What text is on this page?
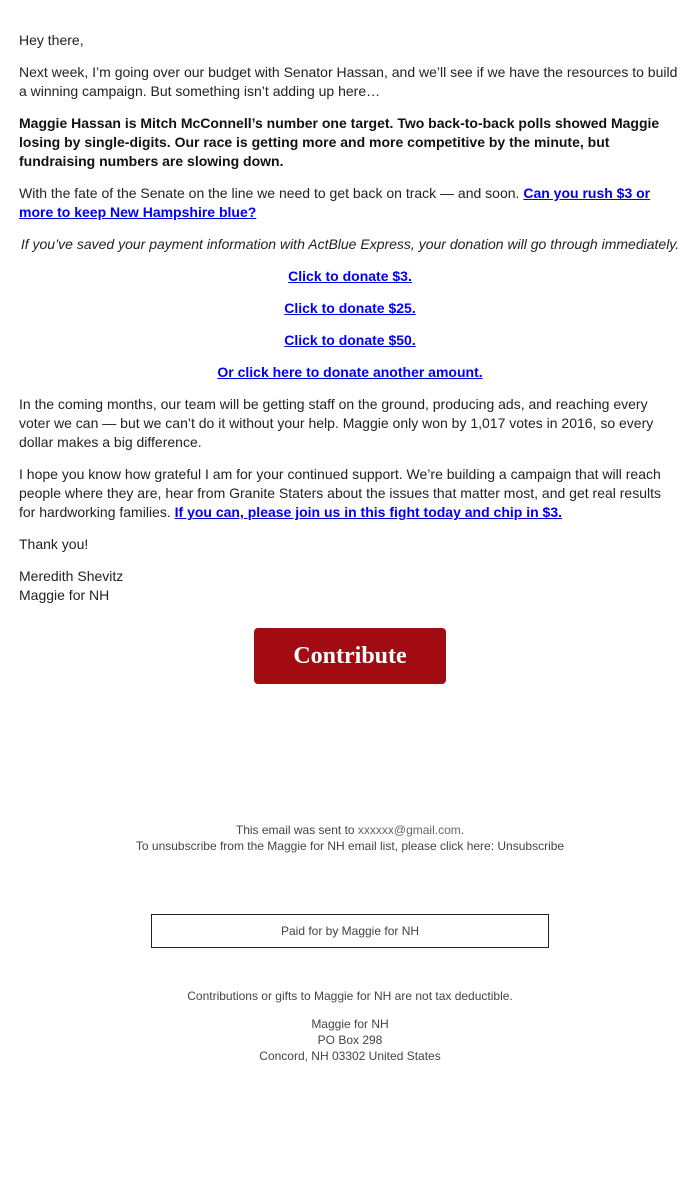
Hey there,

Next week, I’m going over our budget with Senator Hassan, and we’ll see if we have the resources to build a winning campaign. But something isn’t adding up here…

Maggie Hassan is Mitch McConnell’s number one target. Two back-to-back polls showed Maggie losing by single-digits. Our race is getting more and more competitive by the minute, but fundraising numbers are slowing down.

With the fate of the Senate on the line we need to get back on track — and soon. Can you rush $3 or more to keep New Hampshire blue?

If you’ve saved your payment information with ActBlue Express, your donation will go through immediately.

Click to donate $3.

Click to donate $25.

Click to donate $50.

Or click here to donate another amount.

In the coming months, our team will be getting staff on the ground, producing ads, and reaching every voter we can — but we can’t do it without your help. Maggie only won by 1,017 votes in 2016, so every dollar makes a big difference.

I hope you know how grateful I am for your continued support. We’re building a campaign that will reach people where they are, hear from Granite Staters about the issues that matter most, and get real results for hardworking families. If you can, please join us in this fight today and chip in $3.

Thank you!

Meredith Shevitz
Maggie for NH
Contribute
This email was sent to xxxxxx@gmail.com.
To unsubscribe from the Maggie for NH email list, please click here: Unsubscribe
Paid for by Maggie for NH
Contributions or gifts to Maggie for NH are not tax deductible.
Maggie for NH
PO Box 298
Concord, NH 03302 United States
